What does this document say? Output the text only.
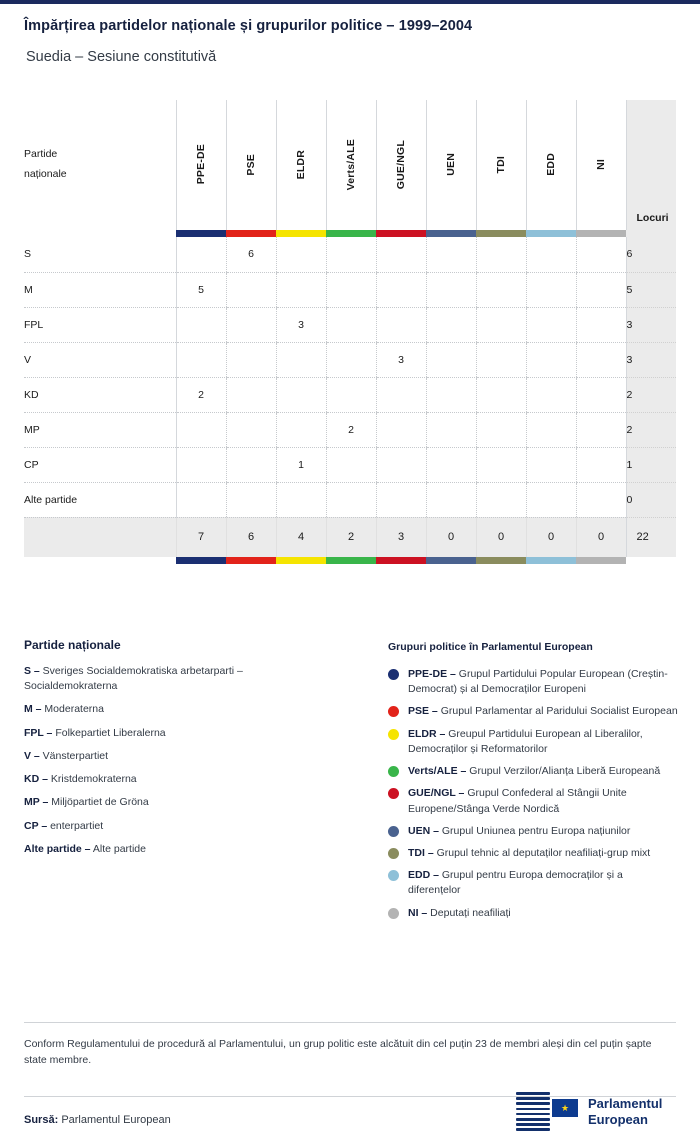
Împărțirea partidelor naționale și grupurilor politice – 1999–2004
Suedia – Sesiune constitutivă
Partide
naționale	PPE-DE	PSE	ELDR	Verts/ALE	GUE/NGL	UEN	TDI	EDD	NI	Locuri

S		6								6
M	5									5
FPL			3							3
V					3					3
KD	2									2
MP				2						2
CP			1							1
Alte partide										0
	7	6	4	2	3	0	0	0	0	22

Partide naționale
S – Sveriges Socialdemokratiska arbetarparti – Socialdemokraterna
M – Moderaterna
FPL – Folkepartiet Liberalerna
V – Vänsterpartiet
KD – Kristdemokraterna
MP – Miljöpartiet de Gröna
CP – enterpartiet
Alte partide – Alte partide
Grupuri politice în Parlamentul European
PPE-DE – Grupul Partidului Popular European (Creștin-Democrat) și al Democraților Europeni
PSE – Grupul Parlamentar al Paridului Socialist European
ELDR – Greupul Partidului European al Liberalilor, Democraților și Reformatorilor
Verts/ALE – Grupul Verzilor/Alianța Liberă Europeană
GUE/NGL – Grupul Confederal al Stângii Unite Europene/Stânga Verde Nordică
UEN – Grupul Uniunea pentru Europa națiunilor
TDI – Grupul tehnic al deputaților neafiliați-grup mixt
EDD – Grupul pentru Europa democraților și a diferențelor
NI – Deputați neafiliați
Conform Regulamentului de procedură al Parlamentului, un grup politic este alcătuit din cel puțin 23 de membri aleși din cel puțin șapte state membre.
Sursă: Parlamentul European
★	Parlamentul
European
